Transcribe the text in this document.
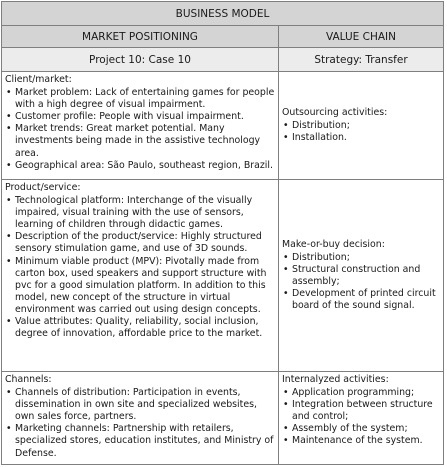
BUSINESS MODEL
MARKET POSITIONING	VALUE CHAIN
Project 10: Case 10	Strategy: Transfer
Client/market:
• Market problem: Lack of entertaining games for people with a high degree of visual impairment.
• Customer profile: People with visual impairment.
• Market trends: Great market potential. Many investments being made in the assistive technology area.
• Geographical area: São Paulo, southeast region, Brazil.
Outsourcing activities:
• Distribution;
• Installation.
Product/service:
• Technological platform: Interchange of the visually impaired, visual training with the use of sensors, learning of children through didactic games.
• Description of the product/service: Highly structured sensory stimulation game, and use of 3D sounds.
• Minimum viable product (MPV): Pivotally made from carton box, used speakers and support structure with pvc for a good simulation platform. In addition to this model, new concept of the structure in virtual environment was carried out using design concepts.
• Value attributes: Quality, reliability, social inclusion, degree of innovation, affordable price to the market.
Make-or-buy decision:
• Distribution;
• Structural construction and assembly;
• Development of printed circuit board of the sound signal.
Channels:
• Channels of distribution: Participation in events, dissemination in own site and specialized websites, own sales force, partners.
• Marketing channels: Partnership with retailers, specialized stores, education institutes, and Ministry of Defense.
Internalyzed activities:
• Application programming;
• Integration between structure and control;
• Assembly of the system;
• Maintenance of the system.
